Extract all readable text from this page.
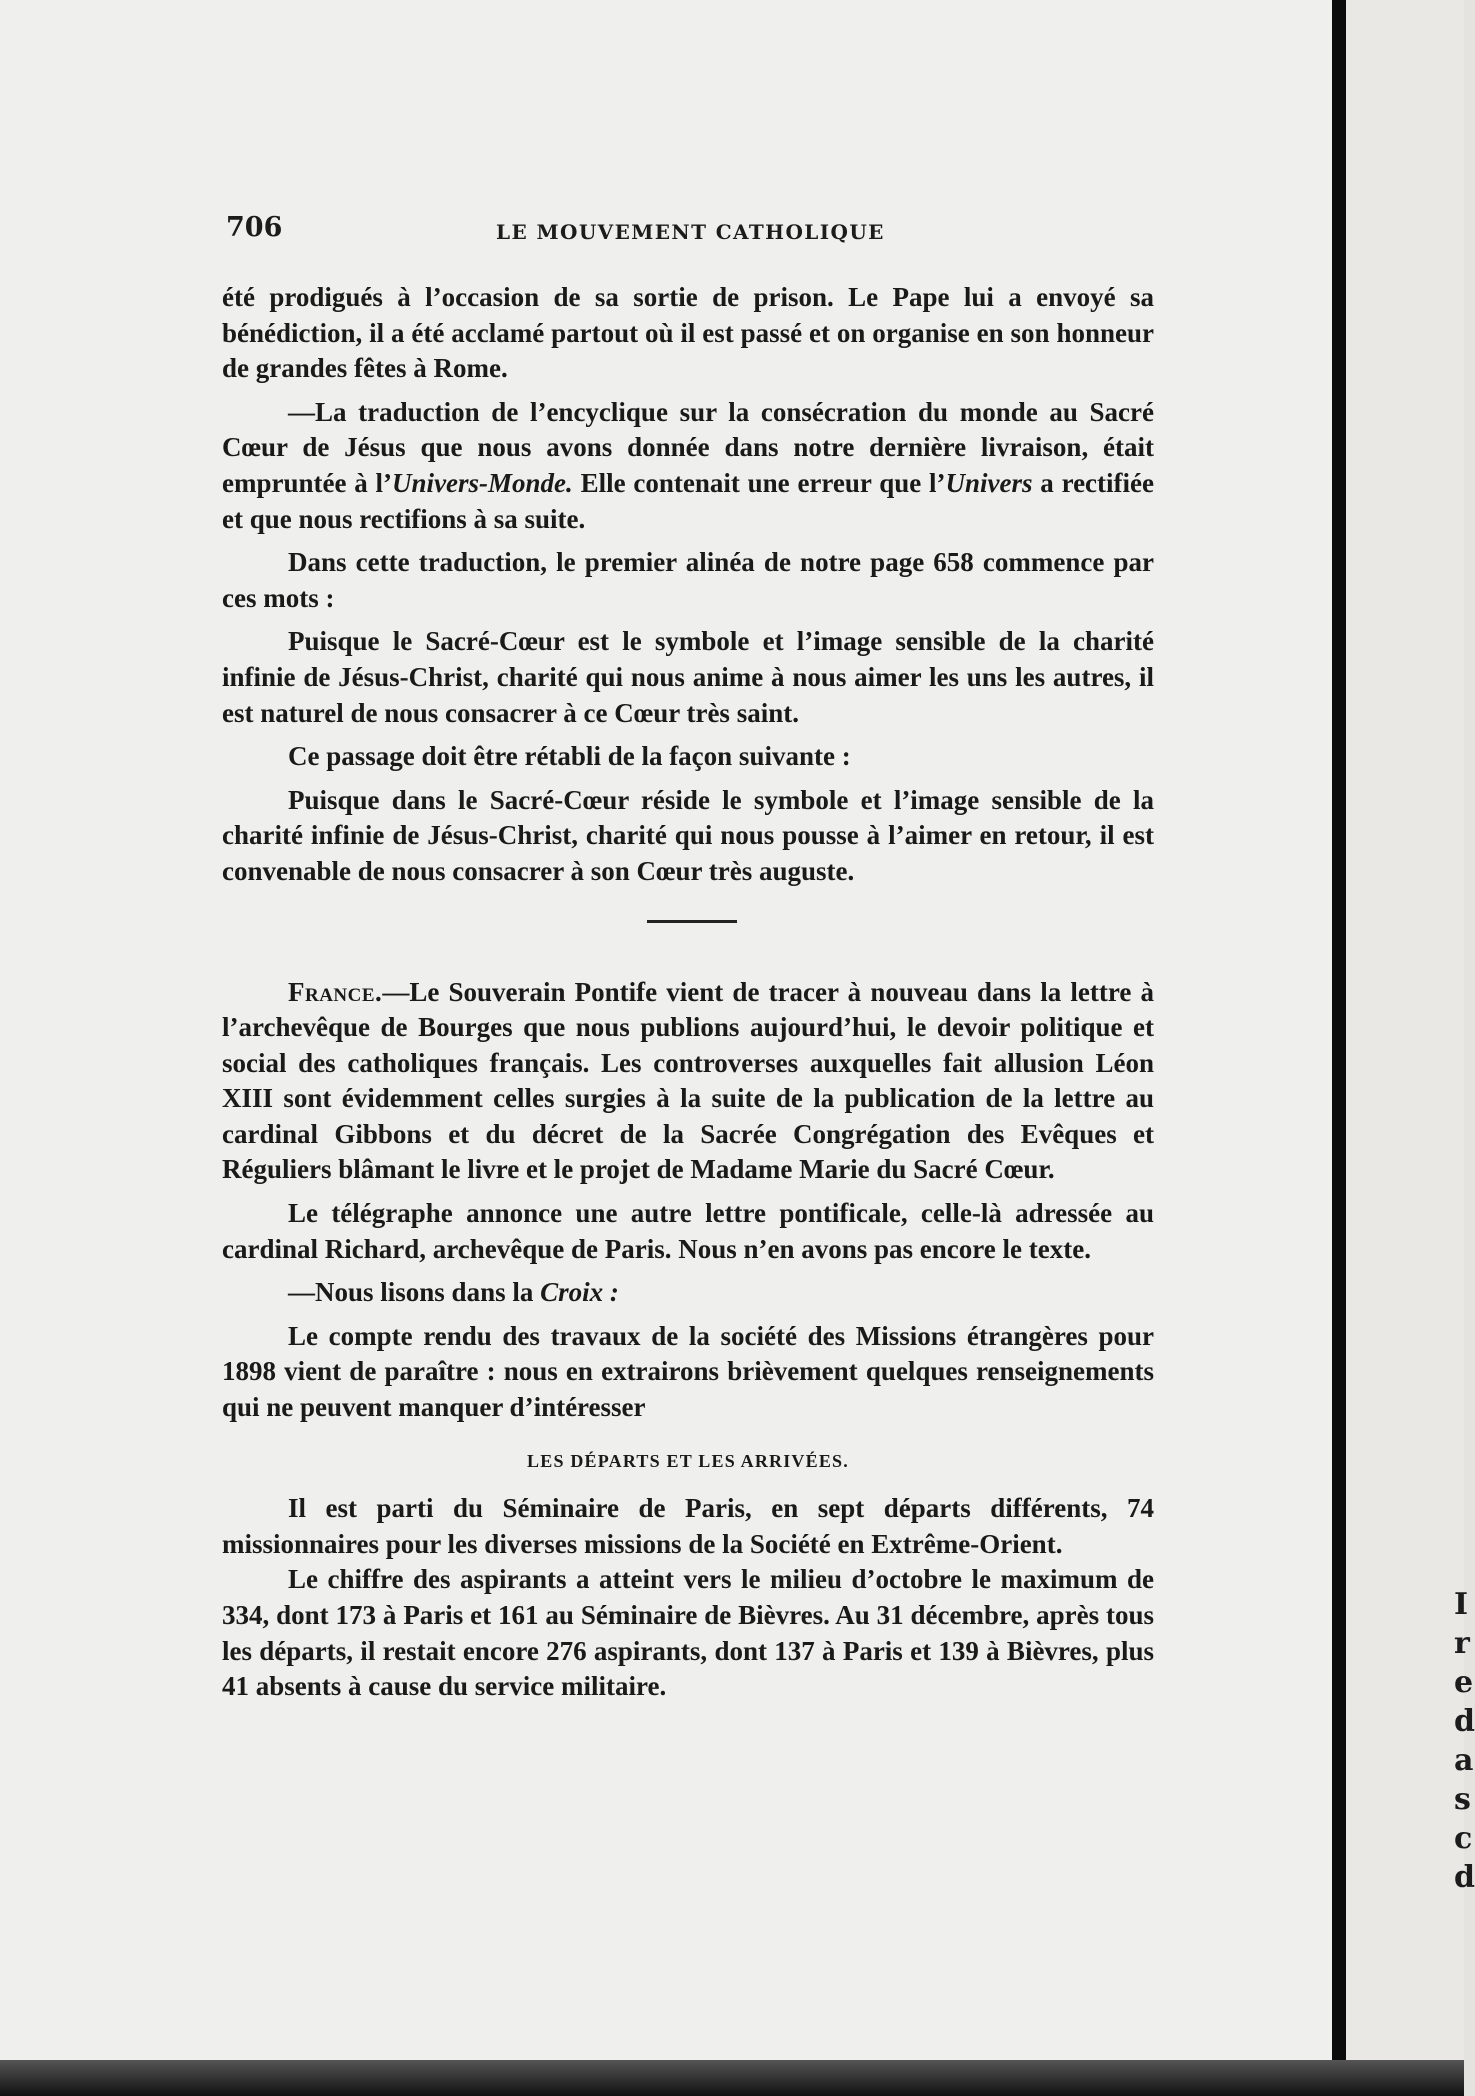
706	LE MOUVEMENT CATHOLIQUE

été prodigués à l’occasion de sa sortie de prison. Le Pape lui a envoyé sa bénédiction, il a été acclamé partout où il est passé et on organise en son honneur de grandes fêtes à Rome.

—La traduction de l’encyclique sur la consécration du monde au Sacré Cœur de Jésus que nous avons donnée dans notre dernière livraison, était empruntée à l’Univers-Monde. Elle contenait une erreur que l’Univers a rectifiée et que nous rectifions à sa suite.

Dans cette traduction, le premier alinéa de notre page 658 commence par ces mots :

Puisque le Sacré-Cœur est le symbole et l’image sensible de la charité infinie de Jésus-Christ, charité qui nous anime à nous aimer les uns les autres, il est naturel de nous consacrer à ce Cœur très saint.

Ce passage doit être rétabli de la façon suivante :

Puisque dans le Sacré-Cœur réside le symbole et l’image sensible de la charité infinie de Jésus-Christ, charité qui nous pousse à l’aimer en retour, il est convenable de nous consacrer à son Cœur très auguste.

France.—Le Souverain Pontife vient de tracer à nouveau dans la lettre à l’archevêque de Bourges que nous publions aujourd’hui, le devoir politique et social des catholiques français. Les controverses auxquelles fait allusion Léon XIII sont évidemment celles surgies à la suite de la publication de la lettre au cardinal Gibbons et du décret de la Sacrée Congrégation des Evêques et Réguliers blâmant le livre et le projet de Madame Marie du Sacré Cœur.

Le télégraphe annonce une autre lettre pontificale, celle-là adressée au cardinal Richard, archevêque de Paris. Nous n’en avons pas encore le texte.

—Nous lisons dans la Croix :

Le compte rendu des travaux de la société des Missions étrangères pour 1898 vient de paraître : nous en extrairons brièvement quelques renseignements qui ne peuvent manquer d’intéresser

LES DÉPARTS ET LES ARRIVÉES.

Il est parti du Séminaire de Paris, en sept départs différents, 74 missionnaires pour les diverses missions de la Société en Extrême-Orient.

Le chiffre des aspirants a atteint vers le milieu d’octobre le maximum de 334, dont 173 à Paris et 161 au Séminaire de Bièvres. Au 31 décembre, après tous les départs, il restait encore 276 aspirants, dont 137 à Paris et 139 à Bièvres, plus 41 absents à cause du service militaire.

I
r
e
d
a
s
c
d
